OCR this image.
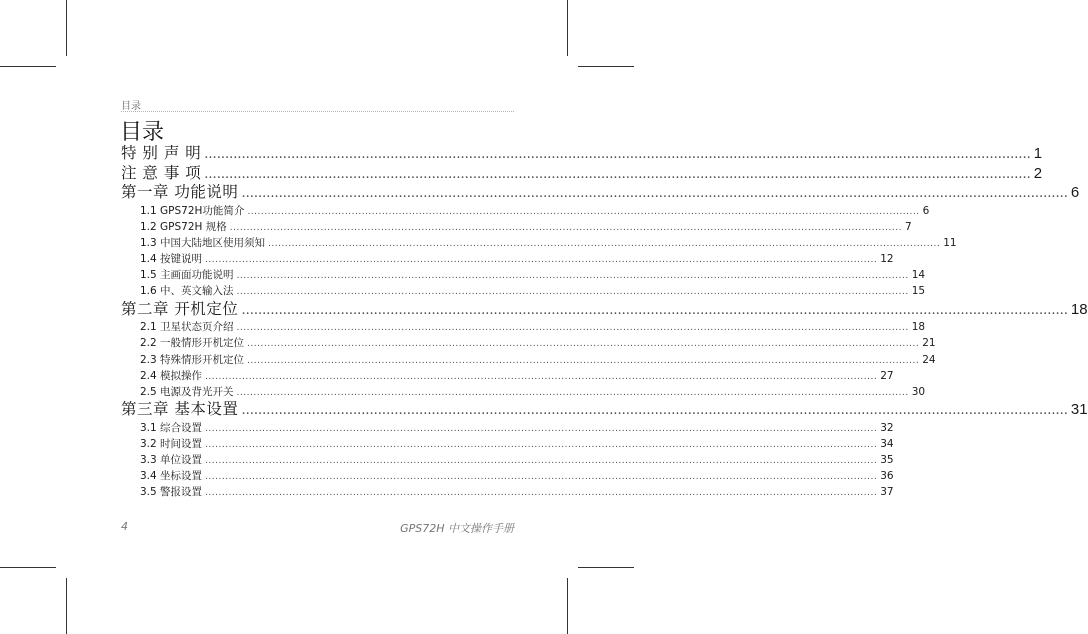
目录
目录
特 别 声 明 ........................................................................................................................................................................................................ 1
注 意 事 项 ........................................................................................................................................................................................................ 2
第一章 功能说明 ........................................................................................................................................................................................................ 6
1.1 GPS72H功能简介 ........................................................................................................................................................................................................ 6
1.2 GPS72H 规格 ........................................................................................................................................................................................................ 7
1.3 中国大陆地区使用须知 ........................................................................................................................................................................................................ 11
1.4 按键说明 ........................................................................................................................................................................................................ 12
1.5 主画面功能说明 ........................................................................................................................................................................................................ 14
1.6 中、英文输入法 ........................................................................................................................................................................................................ 15
第二章 开机定位 ........................................................................................................................................................................................................ 18
2.1 卫星状态页介绍 ........................................................................................................................................................................................................ 18
2.2 一般情形开机定位 ........................................................................................................................................................................................................ 21
2.3 特殊情形开机定位 ........................................................................................................................................................................................................ 24
2.4 模拟操作 ........................................................................................................................................................................................................ 27
2.5 电源及背光开关 ........................................................................................................................................................................................................ 30
第三章 基本设置 ........................................................................................................................................................................................................ 31
3.1 综合设置 ........................................................................................................................................................................................................ 32
3.2 时间设置 ........................................................................................................................................................................................................ 34
3.3 单位设置 ........................................................................................................................................................................................................ 35
3.4 坐标设置 ........................................................................................................................................................................................................ 36
3.5 警报设置 ........................................................................................................................................................................................................ 37
4	GPS72H 中文操作手册
